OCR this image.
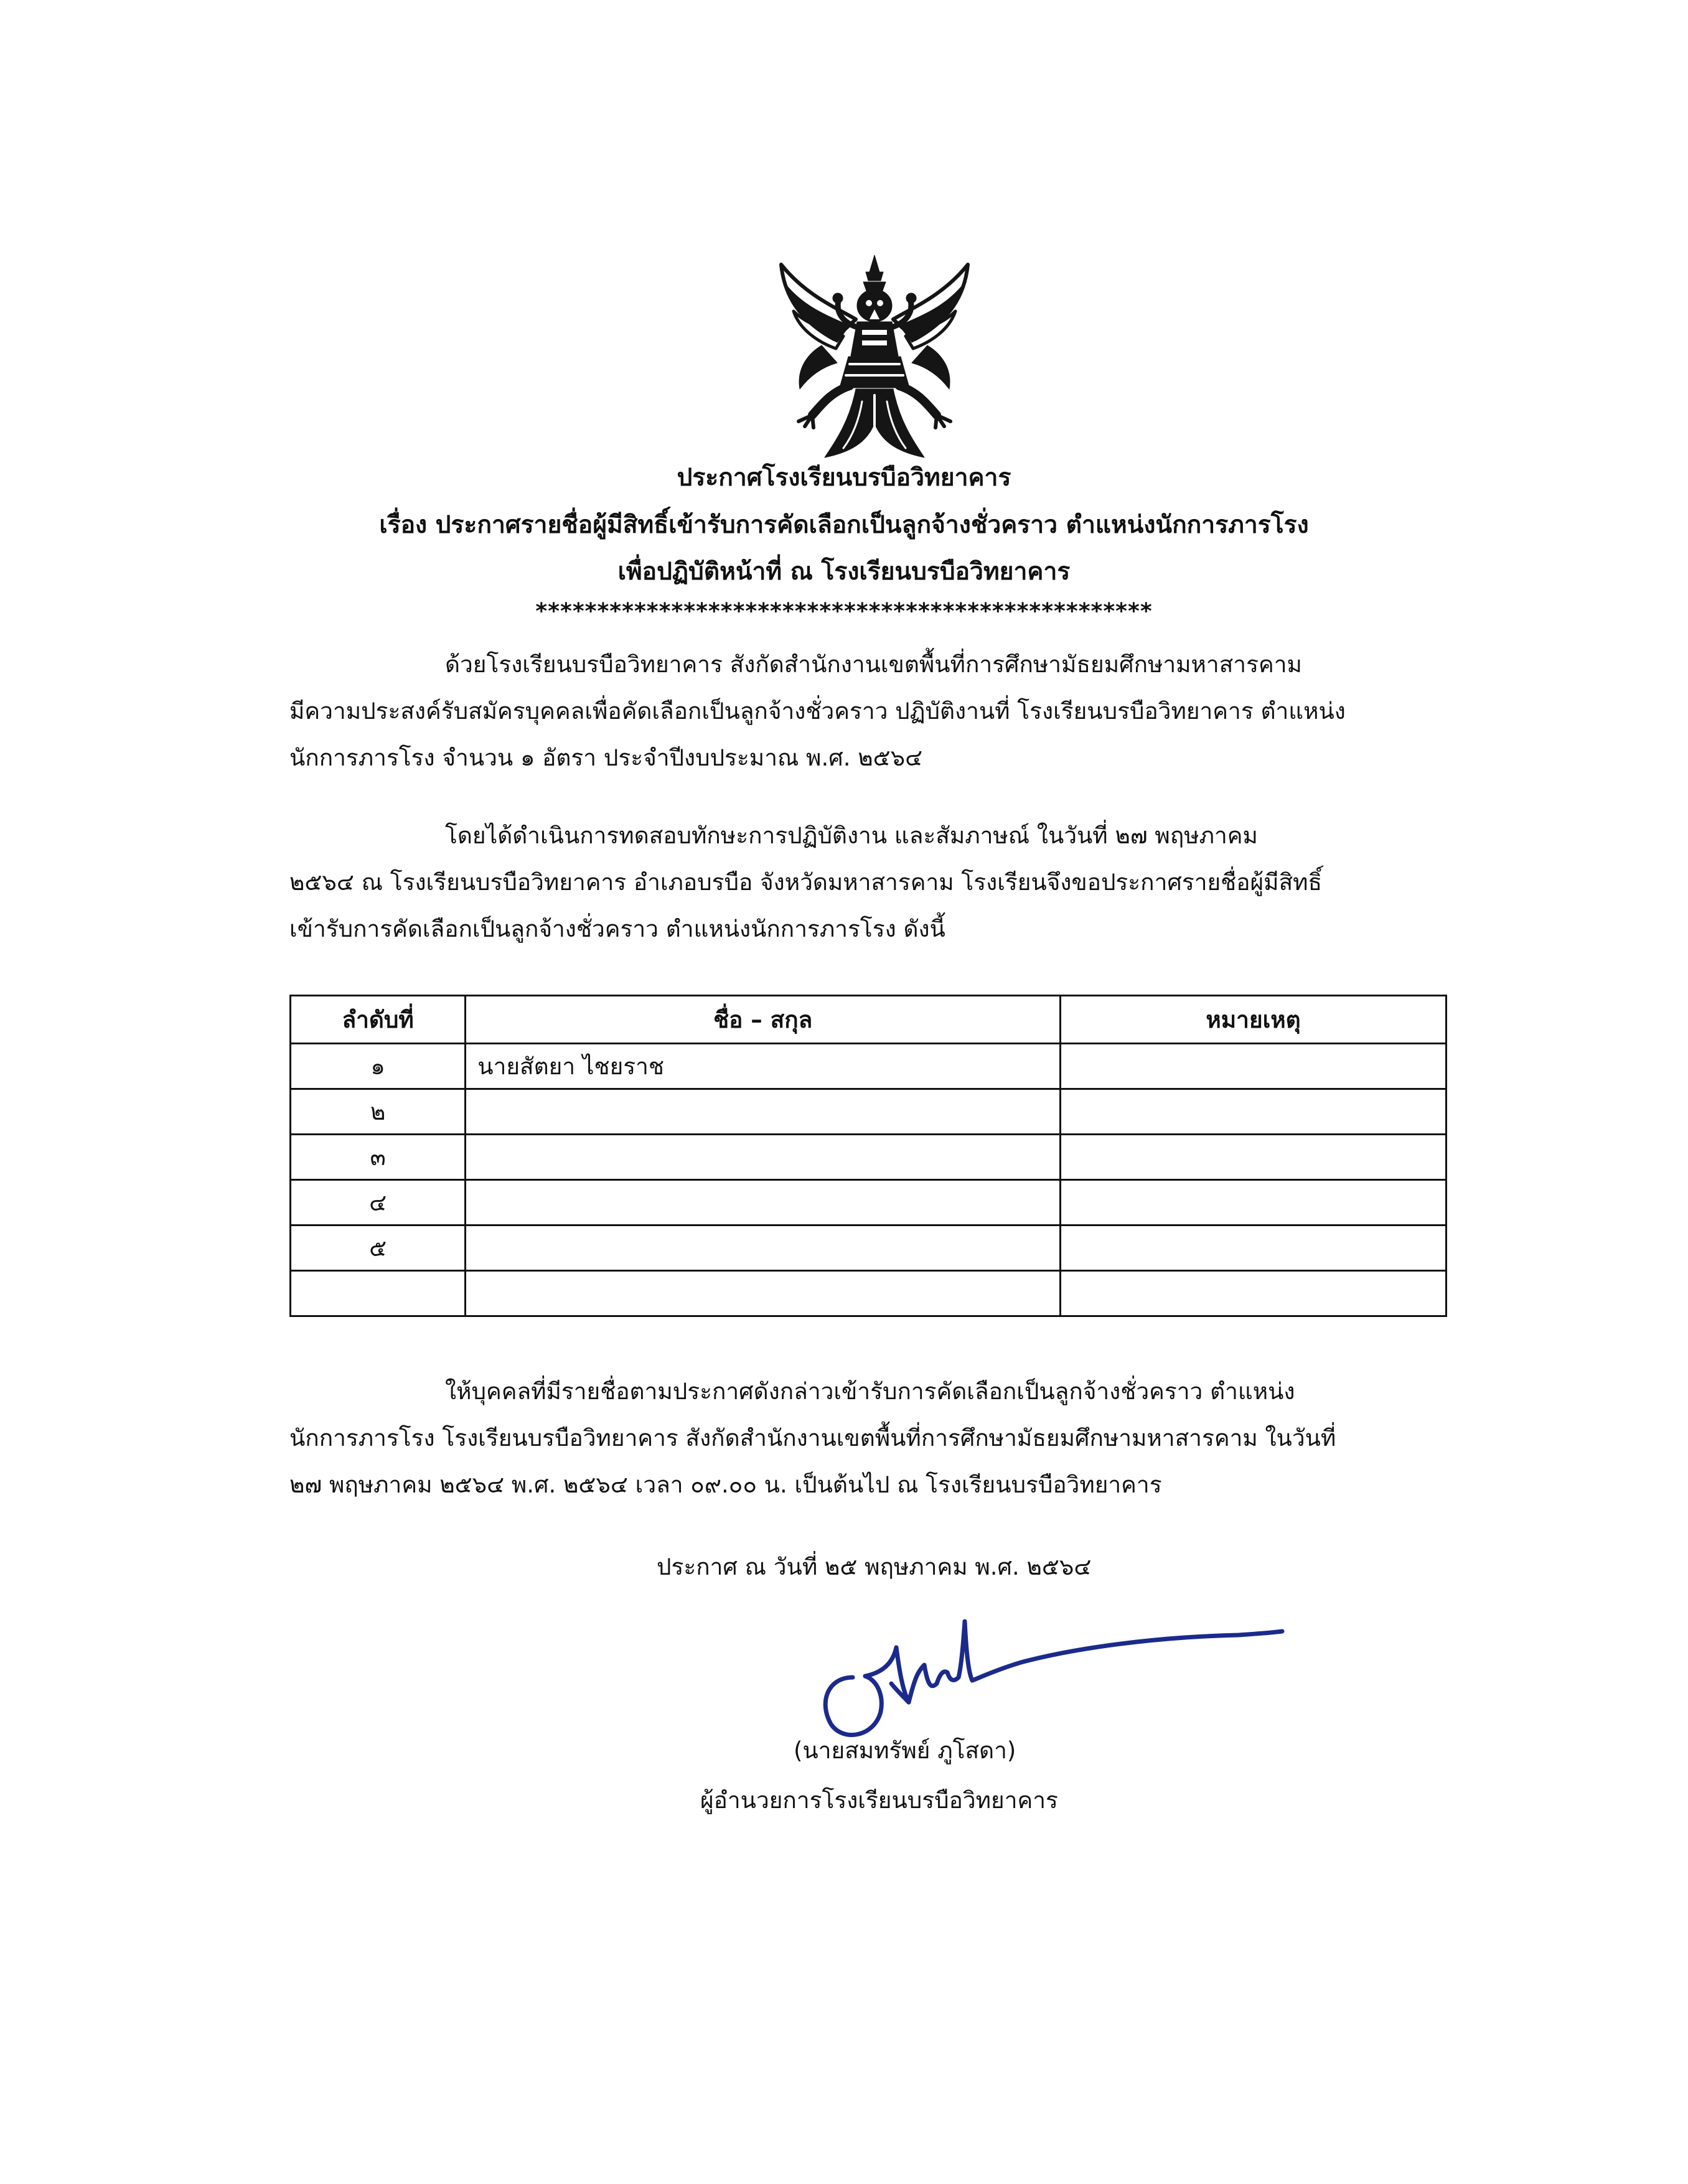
ประกาศโรงเรียนบรบือวิทยาคาร
เรื่อง ประกาศรายชื่อผู้มีสิทธิ์เข้ารับการคัดเลือกเป็นลูกจ้างชั่วคราว ตำแหน่งนักการภารโรง
เพื่อปฏิบัติหน้าที่ ณ โรงเรียนบรบือวิทยาคาร
**************************************************
ด้วยโรงเรียนบรบือวิทยาคาร สังกัดสำนักงานเขตพื้นที่การศึกษามัธยมศึกษามหาสารคาม
มีความประสงค์รับสมัครบุคคลเพื่อคัดเลือกเป็นลูกจ้างชั่วคราว ปฏิบัติงานที่ โรงเรียนบรบือวิทยาคาร ตำแหน่ง
นักการภารโรง จำนวน ๑ อัตรา ประจำปีงบประมาณ พ.ศ. ๒๕๖๔
โดยได้ดำเนินการทดสอบทักษะการปฏิบัติงาน และสัมภาษณ์ ในวันที่ ๒๗ พฤษภาคม
๒๕๖๔ ณ โรงเรียนบรบือวิทยาคาร อำเภอบรบือ จังหวัดมหาสารคาม โรงเรียนจึงขอประกาศรายชื่อผู้มีสิทธิ์
เข้ารับการคัดเลือกเป็นลูกจ้างชั่วคราว ตำแหน่งนักการภารโรง ดังนี้
ลำดับที่	ชื่อ – สกุล	หมายเหตุ
๑	นายสัตยา ไชยราช	
๒		
๓		
๔		
๕		

ให้บุคคลที่มีรายชื่อตามประกาศดังกล่าวเข้ารับการคัดเลือกเป็นลูกจ้างชั่วคราว ตำแหน่ง
นักการภารโรง โรงเรียนบรบือวิทยาคาร สังกัดสำนักงานเขตพื้นที่การศึกษามัธยมศึกษามหาสารคาม ในวันที่
๒๗ พฤษภาคม ๒๕๖๔ พ.ศ. ๒๕๖๔ เวลา ๐๙.๐๐ น. เป็นต้นไป ณ โรงเรียนบรบือวิทยาคาร
ประกาศ ณ วันที่ ๒๕ พฤษภาคม พ.ศ. ๒๕๖๔
(นายสมทรัพย์ ภูโสดา)
ผู้อำนวยการโรงเรียนบรบือวิทยาคาร
